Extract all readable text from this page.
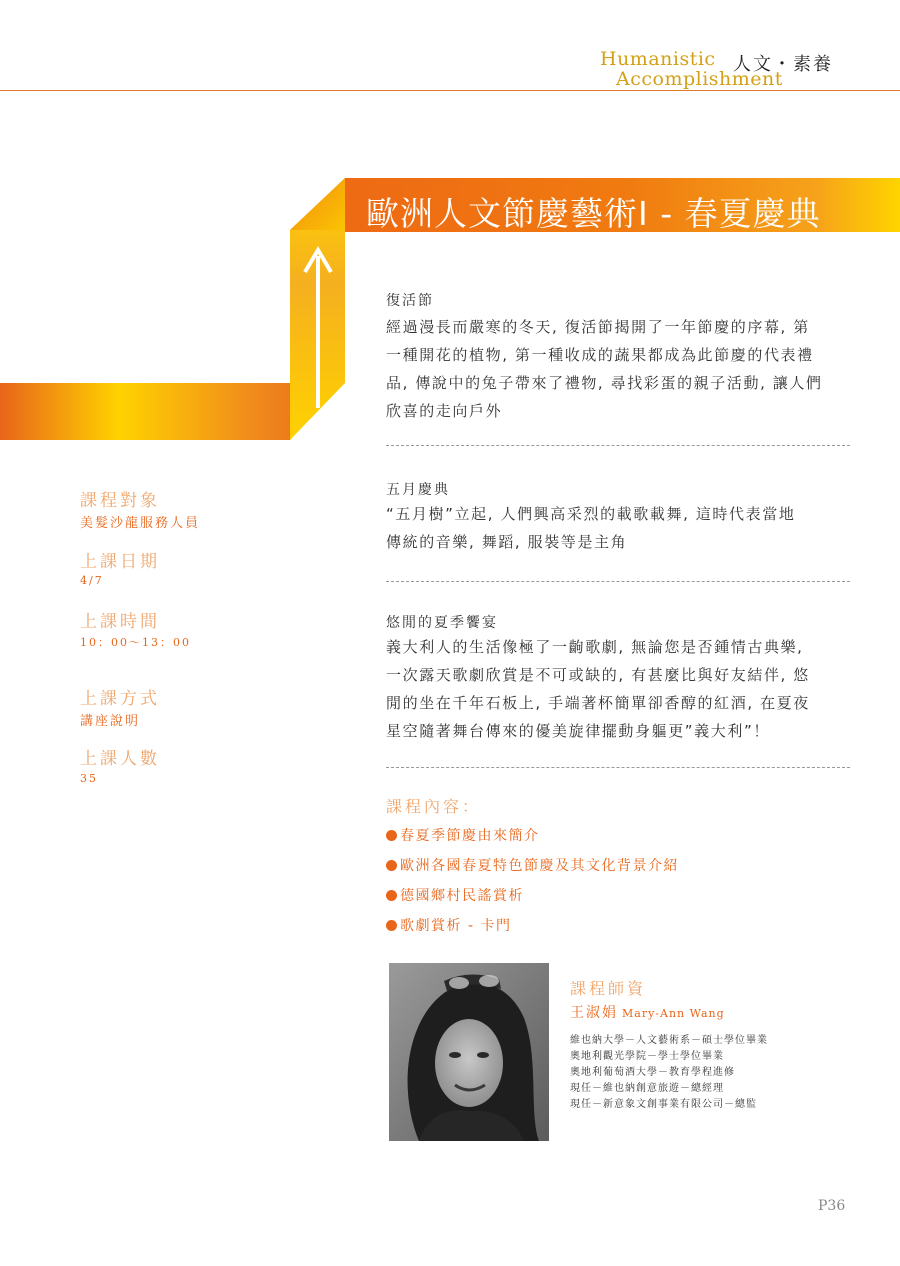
Humanistic
Accomplishment
人文・素養
歐洲人文節慶藝術I - 春夏慶典
課程對象
美髮沙龍服務人員
上課日期
4/7
上課時間
10：00～13：00
上課方式
講座說明
上課人數
35
復活節
經過漫長而嚴寒的冬天, 復活節揭開了一年節慶的序幕, 第
一種開花的植物, 第一種收成的蔬果都成為此節慶的代表禮
品, 傳說中的兔子帶來了禮物, 尋找彩蛋的親子活動, 讓人們
欣喜的走向戶外
五月慶典
“五月樹”立起, 人們興高采烈的載歌載舞, 這時代表當地
傳統的音樂, 舞蹈, 服裝等是主角
悠閒的夏季饗宴
義大利人的生活像極了一齣歌劇, 無論您是否鍾情古典樂,
一次露天歌劇欣賞是不可或缺的, 有甚麼比與好友結伴, 悠
閒的坐在千年石板上, 手端著杯簡單卻香醇的紅酒, 在夏夜
星空隨著舞台傳來的優美旋律擺動身軀更”義大利”！
課程內容：
春夏季節慶由來簡介
歐洲各國春夏特色節慶及其文化背景介紹
德國鄉村民謠賞析
歌劇賞析 - 卡門
課程師資
王淑娟 Mary-Ann Wang
維也納大學－人文藝術系－碩士學位畢業
奧地利觀光學院－學士學位畢業
奧地利葡萄酒大學－教育學程進修
現任－維也納創意旅遊－總經理
現任－新意象文創事業有限公司－總監
P36
